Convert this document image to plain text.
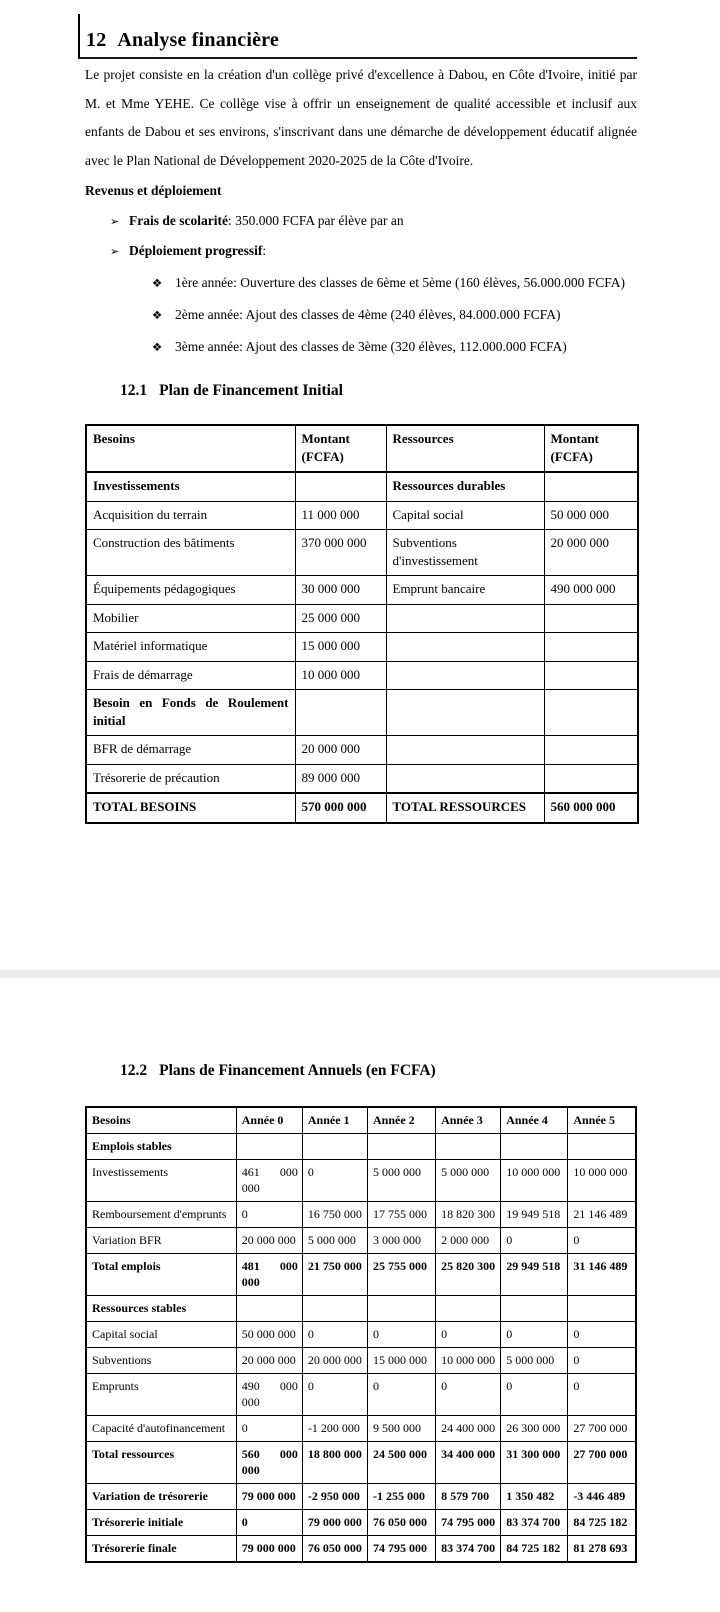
12 Analyse financière

Le projet consiste en la création d'un collège privé d'excellence à Dabou, en Côte d'Ivoire, initié par M. et Mme YEHE. Ce collège vise à offrir un enseignement de qualité accessible et inclusif aux enfants de Dabou et ses environs, s'inscrivant dans une démarche de développement éducatif alignée avec le Plan National de Développement 2020-2025 de la Côte d'Ivoire.

Revenus et déploiement
➢ Frais de scolarité: 350.000 FCFA par élève par an
➢ Déploiement progressif:
❖ 1ère année: Ouverture des classes de 6ème et 5ème (160 élèves, 56.000.000 FCFA)
❖ 2ème année: Ajout des classes de 4ème (240 élèves, 84.000.000 FCFA)
❖ 3ème année: Ajout des classes de 3ème (320 élèves, 112.000.000 FCFA)
12.1 Plan de Financement Initial
Besoins	Montant (FCFA)	Ressources	Montant (FCFA)
Investissements		Ressources durables	
Acquisition du terrain	11 000 000	Capital social	50 000 000
Construction des bâtiments	370 000 000	Subventions d'investissement	20 000 000
Équipements pédagogiques	30 000 000	Emprunt bancaire	490 000 000
Mobilier	25 000 000		
Matériel informatique	15 000 000		
Frais de démarrage	10 000 000		
Besoin en Fonds de Roulement initial			
BFR de démarrage	20 000 000		
Trésorerie de précaution	89 000 000		
TOTAL BESOINS	570 000 000	TOTAL RESSOURCES	560 000 000
12.2 Plans de Financement Annuels (en FCFA)
Besoins	Année 0	Année 1	Année 2	Année 3	Année 4	Année 5
Emplois stables						
Investissements	461 000 000	0	5 000 000	5 000 000	10 000 000	10 000 000
Remboursement d'emprunts	0	16 750 000	17 755 000	18 820 300	19 949 518	21 146 489
Variation BFR	20 000 000	5 000 000	3 000 000	2 000 000	0	0
Total emplois	481 000 000	21 750 000	25 755 000	25 820 300	29 949 518	31 146 489
Ressources stables						
Capital social	50 000 000	0	0	0	0	0
Subventions	20 000 000	20 000 000	15 000 000	10 000 000	5 000 000	0
Emprunts	490 000 000	0	0	0	0	0
Capacité d'autofinancement	0	-1 200 000	9 500 000	24 400 000	26 300 000	27 700 000
Total ressources	560 000 000	18 800 000	24 500 000	34 400 000	31 300 000	27 700 000
Variation de trésorerie	79 000 000	-2 950 000	-1 255 000	8 579 700	1 350 482	-3 446 489
Trésorerie initiale	0	79 000 000	76 050 000	74 795 000	83 374 700	84 725 182
Trésorerie finale	79 000 000	76 050 000	74 795 000	83 374 700	84 725 182	81 278 693
